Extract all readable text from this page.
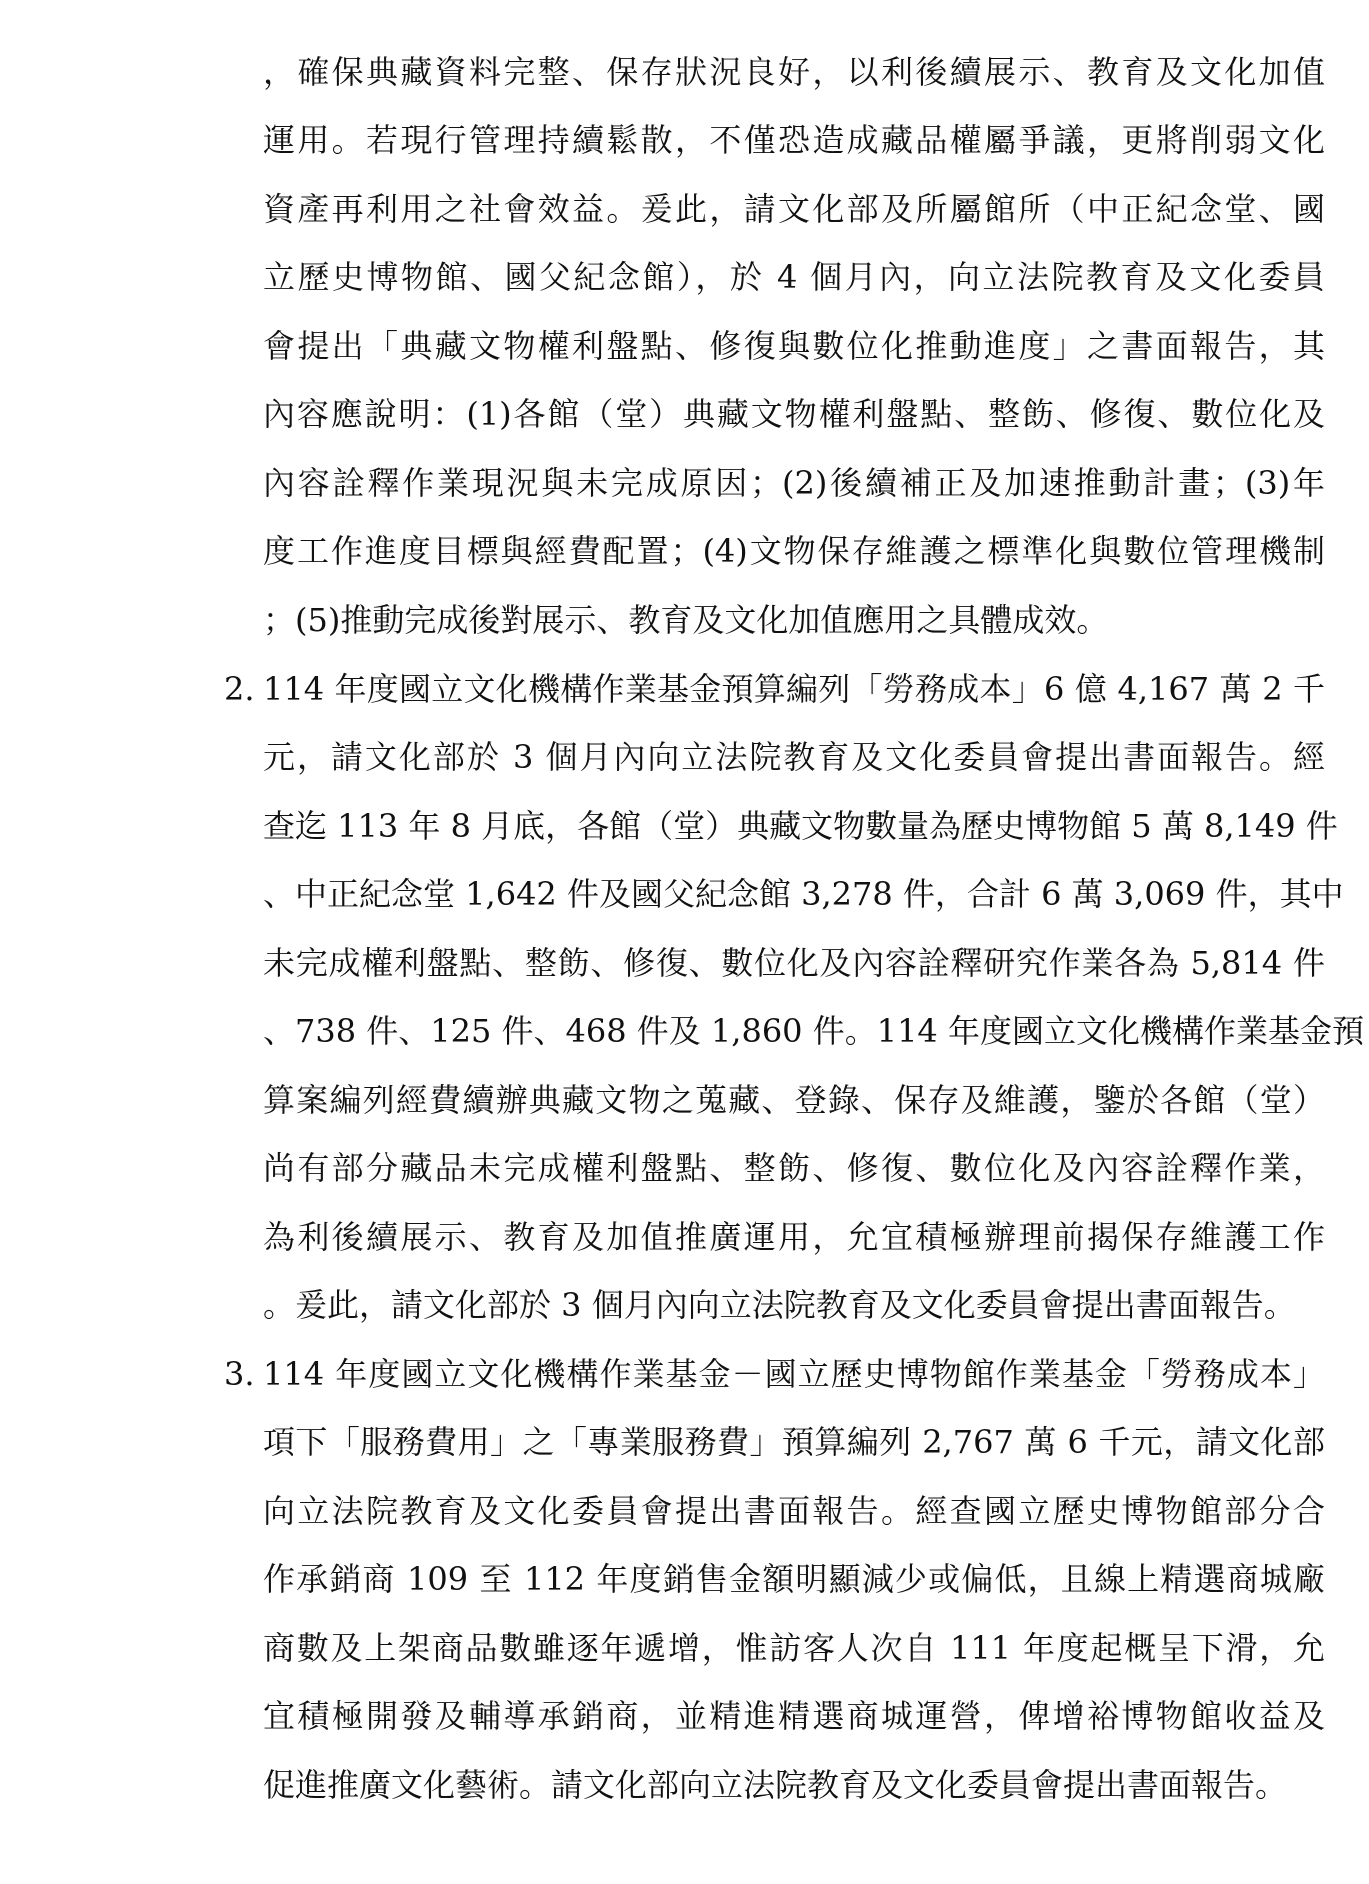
，確保典藏資料完整、保存狀況良好，以利後續展示、教育及文化加值
運用。若現行管理持續鬆散，不僅恐造成藏品權屬爭議，更將削弱文化
資產再利用之社會效益。爰此，請文化部及所屬館所（中正紀念堂、國
立歷史博物館、國父紀念館），於 4 個月內，向立法院教育及文化委員
會提出「典藏文物權利盤點、修復與數位化推動進度」之書面報告，其
內容應說明：(1)各館（堂）典藏文物權利盤點、整飭、修復、數位化及
內容詮釋作業現況與未完成原因；(2)後續補正及加速推動計畫；(3)年
度工作進度目標與經費配置；(4)文物保存維護之標準化與數位管理機制
；(5)推動完成後對展示、教育及文化加值應用之具體成效。
2. 114 年度國立文化機構作業基金預算編列「勞務成本」6 億 4,167 萬 2 千
元，請文化部於 3 個月內向立法院教育及文化委員會提出書面報告。經
查迄 113 年 8 月底，各館（堂）典藏文物數量為歷史博物館 5 萬 8,149 件
、中正紀念堂 1,642 件及國父紀念館 3,278 件，合計 6 萬 3,069 件，其中
未完成權利盤點、整飭、修復、數位化及內容詮釋研究作業各為 5,814 件
、738 件、125 件、468 件及 1,860 件。114 年度國立文化機構作業基金預
算案編列經費續辦典藏文物之蒐藏、登錄、保存及維護，鑒於各館（堂）
尚有部分藏品未完成權利盤點、整飭、修復、數位化及內容詮釋作業，
為利後續展示、教育及加值推廣運用，允宜積極辦理前揭保存維護工作
。爰此，請文化部於 3 個月內向立法院教育及文化委員會提出書面報告。
3. 114 年度國立文化機構作業基金－國立歷史博物館作業基金「勞務成本」
項下「服務費用」之「專業服務費」預算編列 2,767 萬 6 千元，請文化部
向立法院教育及文化委員會提出書面報告。經查國立歷史博物館部分合
作承銷商 109 至 112 年度銷售金額明顯減少或偏低，且線上精選商城廠
商數及上架商品數雖逐年遞增，惟訪客人次自 111 年度起概呈下滑，允
宜積極開發及輔導承銷商，並精進精選商城運營，俾增裕博物館收益及
促進推廣文化藝術。請文化部向立法院教育及文化委員會提出書面報告。
